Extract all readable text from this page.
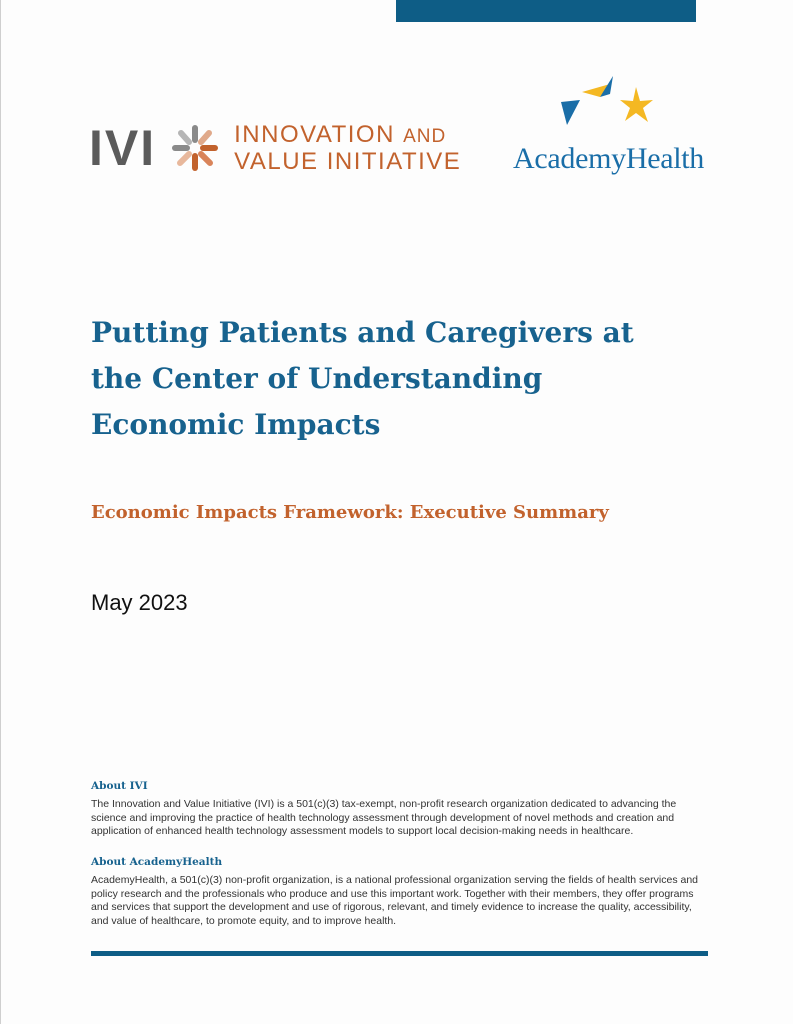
IVI	INNOVATION AND
VALUE INITIATIVE AcademyHealth
Putting Patients and Caregivers at the Center of Understanding Economic Impacts
Economic Impacts Framework: Executive Summary

May 2023

About IVI

The Innovation and Value Initiative (IVI) is a 501(c)(3) tax-exempt, non-profit research organization dedicated to advancing the science and improving the practice of health technology assessment through development of novel methods and creation and application of enhanced health technology assessment models to support local decision-making needs in healthcare.

About AcademyHealth

AcademyHealth, a 501(c)(3) non-profit organization, is a national professional organization serving the fields of health services and policy research and the professionals who produce and use this important work. Together with their members, they offer programs and services that support the development and use of rigorous, relevant, and timely evidence to increase the quality, accessibility, and value of healthcare, to promote equity, and to improve health.
